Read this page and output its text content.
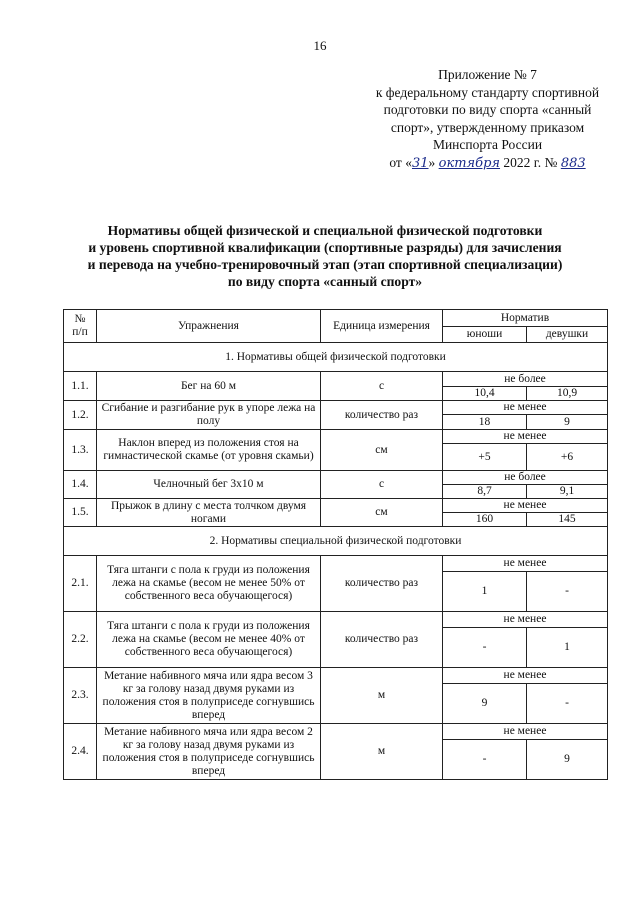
16
Приложение № 7
к федеральному стандарту спортивной
подготовки по виду спорта «санный
спорт», утвержденному приказом
Минспорта России
от «31» октября 2022 г. № 883
Нормативы общей физической и специальной физической подготовки
и уровень спортивной квалификации (спортивные разряды) для зачисления
и перевода на учебно-тренировочный этап (этап спортивной специализации)
по виду спорта «санный спорт»
№
п/п	Упражнения	Единица измерения	Норматив	
			юноши	девушки
1. Нормативы общей физической подготовки				
1.1.	Бег на 60 м	с	не более	
			10,4	10,9
1.2.	Сгибание и разгибание рук в упоре лежа на полу	количество раз	не менее	
			18	9
1.3.	Наклон вперед из положения стоя на гимнастической скамье (от уровня скамьи)	см	не менее	
			+5	+6
1.4.	Челночный бег 3х10 м	с	не более	
			8,7	9,1
1.5.	Прыжок в длину с места толчком двумя ногами	см	не менее	
			160	145
2. Нормативы специальной физической подготовки				
2.1.	Тяга штанги с пола к груди из положения лежа на скамье (весом не менее 50% от собственного веса обучающегося)	количество раз	не менее	
			1	-
2.2.	Тяга штанги с пола к груди из положения лежа на скамье (весом не менее 40% от собственного веса обучающегося)	количество раз	не менее	
			-	1
2.3.	Метание набивного мяча или ядра весом 3 кг за голову назад двумя руками из положения стоя в полуприседе согнувшись вперед	м	не менее	
			9	-
2.4.	Метание набивного мяча или ядра весом 2 кг за голову назад двумя руками из положения стоя в полуприседе согнувшись вперед	м	не менее	
			-	9
